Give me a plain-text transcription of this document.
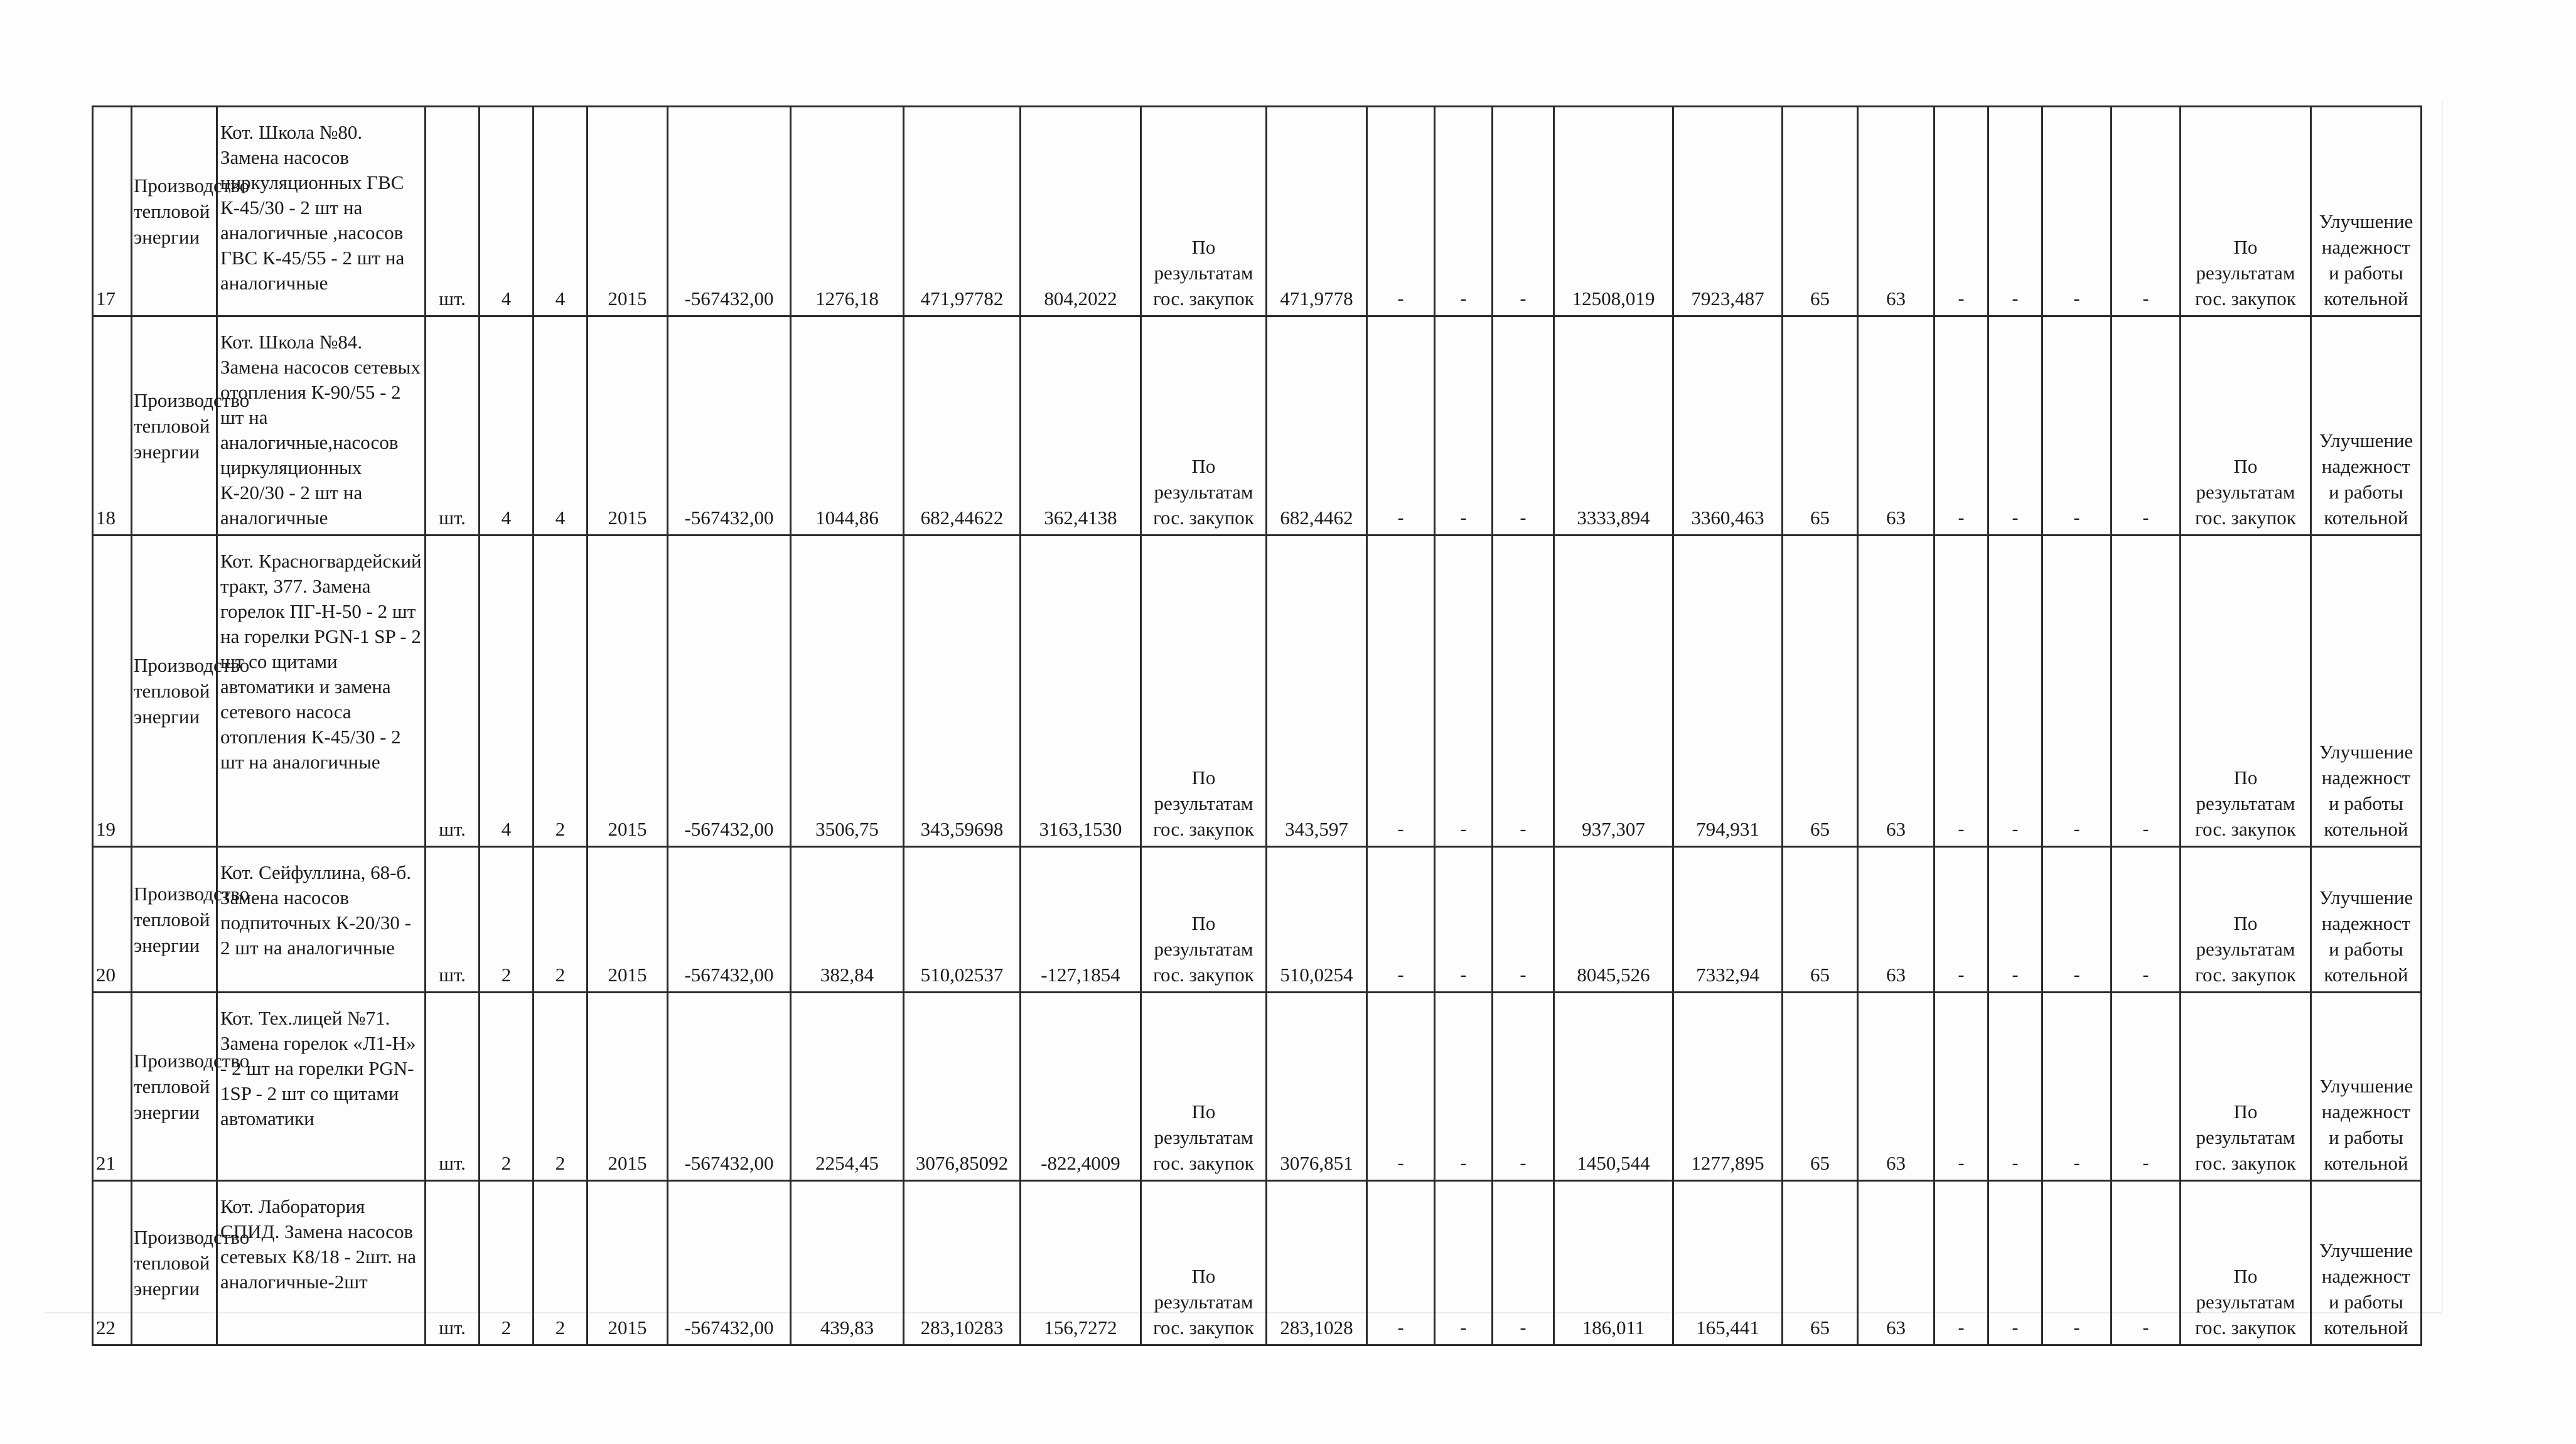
17	Производство тепловой энергии	Кот. Школа №80. Замена насосов циркуляционных ГВС К-45/30 - 2 шт на аналогичные ,насосов ГВС К-45/55 - 2 шт на аналогичные	шт.	4	4	2015	-567432,00	1276,18	471,97782	804,2022	По результатам гос. закупок	471,9778	-	-	-	12508,019	7923,487	65	63	-	-	-	-	По результатам гос. закупок	Улучшение надежност и работы котельной
18	Производство тепловой энергии	Кот. Школа №84. Замена насосов сетевых отопления К-90/55 - 2 шт на аналогичные,насосов циркуляционных К-20/30 - 2 шт на аналогичные	шт.	4	4	2015	-567432,00	1044,86	682,44622	362,4138	По результатам гос. закупок	682,4462	-	-	-	3333,894	3360,463	65	63	-	-	-	-	По результатам гос. закупок	Улучшение надежност и работы котельной
19	Производство тепловой энергии	Кот. Красногвардейский тракт, 377. Замена горелок ПГ-Н-50 - 2 шт на горелки PGN-1 SP - 2 шт со щитами автоматики и замена сетевого насоса отопления К-45/30 - 2 шт на аналогичные	шт.	4	2	2015	-567432,00	3506,75	343,59698	3163,1530	По результатам гос. закупок	343,597	-	-	-	937,307	794,931	65	63	-	-	-	-	По результатам гос. закупок	Улучшение надежност и работы котельной
20	Производство тепловой энергии	Кот. Сейфуллина, 68-б. Замена насосов подпиточных К-20/30 - 2 шт на аналогичные	шт.	2	2	2015	-567432,00	382,84	510,02537	-127,1854	По результатам гос. закупок	510,0254	-	-	-	8045,526	7332,94	65	63	-	-	-	-	По результатам гос. закупок	Улучшение надежност и работы котельной
21	Производство тепловой энергии	Кот. Тех.лицей №71. Замена горелок «Л1-Н» - 2 шт на горелки PGN-1SP - 2 шт со щитами автоматики	шт.	2	2	2015	-567432,00	2254,45	3076,85092	-822,4009	По результатам гос. закупок	3076,851	-	-	-	1450,544	1277,895	65	63	-	-	-	-	По результатам гос. закупок	Улучшение надежност и работы котельной
22	Производство тепловой энергии	Кот. Лаборатория СПИД. Замена насосов сетевых К8/18 - 2шт. на аналогичные-2шт	шт.	2	2	2015	-567432,00	439,83	283,10283	156,7272	По результатам гос. закупок	283,1028	-	-	-	186,011	165,441	65	63	-	-	-	-	По результатам гос. закупок	Улучшение надежност и работы котельной
